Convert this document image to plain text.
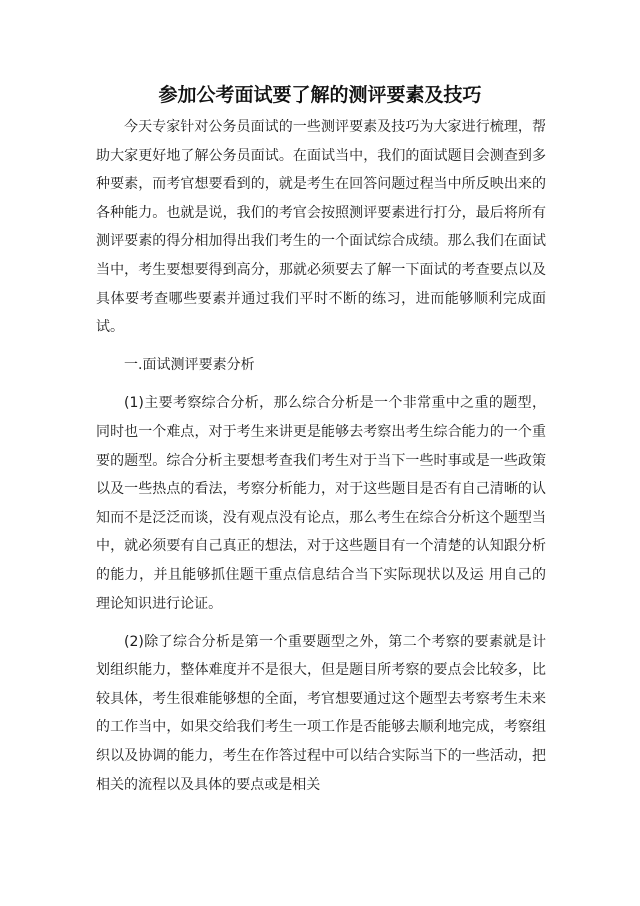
参加公考面试要了解的测评要素及技巧

今天专家针对公务员面试的一些测评要素及技巧为大家进行梳理，帮助大家更好地了解公务员面试。在面试当中，我们的面试题目会测查到多种要素，而考官想要看到的，就是考生在回答问题过程当中所反映出来的各种能力。也就是说，我们的考官会按照测评要素进行打分，最后将所有测评要素的得分相加得出我们考生的一个面试综合成绩。那么我们在面试当中，考生要想要得到高分，那就必须要去了解一下面试的考查要点以及具体要考查哪些要素并通过我们平时不断的练习，进而能够顺利完成面试。

一.面试测评要素分析

(1)主要考察综合分析，那么综合分析是一个非常重中之重的题型，同时也一个难点，对于考生来讲更是能够去考察出考生综合能力的一个重要的题型。综合分析主要想考查我们考生对于当下一些时事或是一些政策以及一些热点的看法，考察分析能力，对于这些题目是否有自己清晰的认知而不是泛泛而谈，没有观点没有论点，那么考生在综合分析这个题型当中，就必须要有自己真正的想法，对于这些题目有一个清楚的认知跟分析的能力，并且能够抓住题干重点信息结合当下实际现状以及运 用自己的理论知识进行论证。

(2)除了综合分析是第一个重要题型之外，第二个考察的要素就是计划组织能力，整体难度并不是很大，但是题目所考察的要点会比较多，比较具体，考生很难能够想的全面，考官想要通过这个题型去考察考生未来的工作当中，如果交给我们考生一项工作是否能够去顺利地完成，考察组织以及协调的能力，考生在作答过程中可以结合实际当下的一些活动，把相关的流程以及具体的要点或是相关
